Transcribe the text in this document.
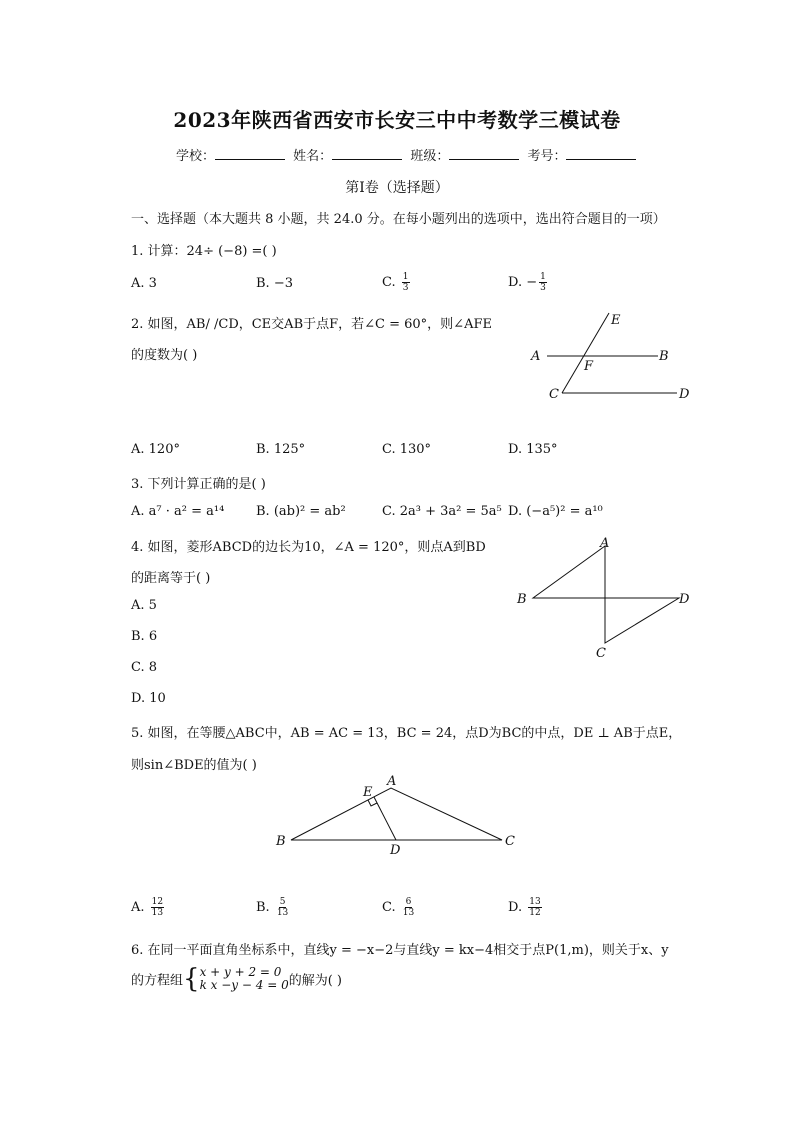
2023年陕西省西安市长安三中中考数学三模试卷
学校：	姓名：	班级：	考号：
第Ⅰ卷（选择题）
一、选择题（本大题共 8 小题，共 24.0 分。在每小题列出的选项中，选出符合题目的一项）
1. 计算：24÷ (−8) =( )
A. 3	B. −3	C. $\frac{1}{3}$	D. − $\frac{1}{3}$
2. 如图，AB/ /CD，CE交AB于点F，若∠C = 60°，则∠AFE
的度数为( )
E
A
F
B
C	D
A. 120°	B. 125°	C. 130°	D. 135°
3. 下列计算正确的是( )
A. a⁷ · a² = a¹⁴ B. (ab)² = ab²	C. 2a³ + 3a² = 5a⁵ D. (−a⁵)² = a¹⁰
4. 如图，菱形ABCD的边长为10，∠A = 120°，则点A到BD
的距离等于( )
A
B	D
C
A. 5
B. 6
C. 8
D. 10
5. 如图，在等腰△ABC中，AB = AC = 13，BC = 24，点D为BC的中点，DE ⊥ AB于点E，
则sin∠BDE的值为( )
E
A
B
D
C
A. $\frac{12}{13}$	B. $\frac{5}{13}$	C. $\frac{6}{13}$	D. $\frac{13}{12}$
6. 在同一平面直角坐标系中，直线y = −x−2与直线y = kx−4相交于点P(1,m)，则关于x、y
的方程组{ x + y + 2 = 0
k x −y − 4 = 0 的解为( )
